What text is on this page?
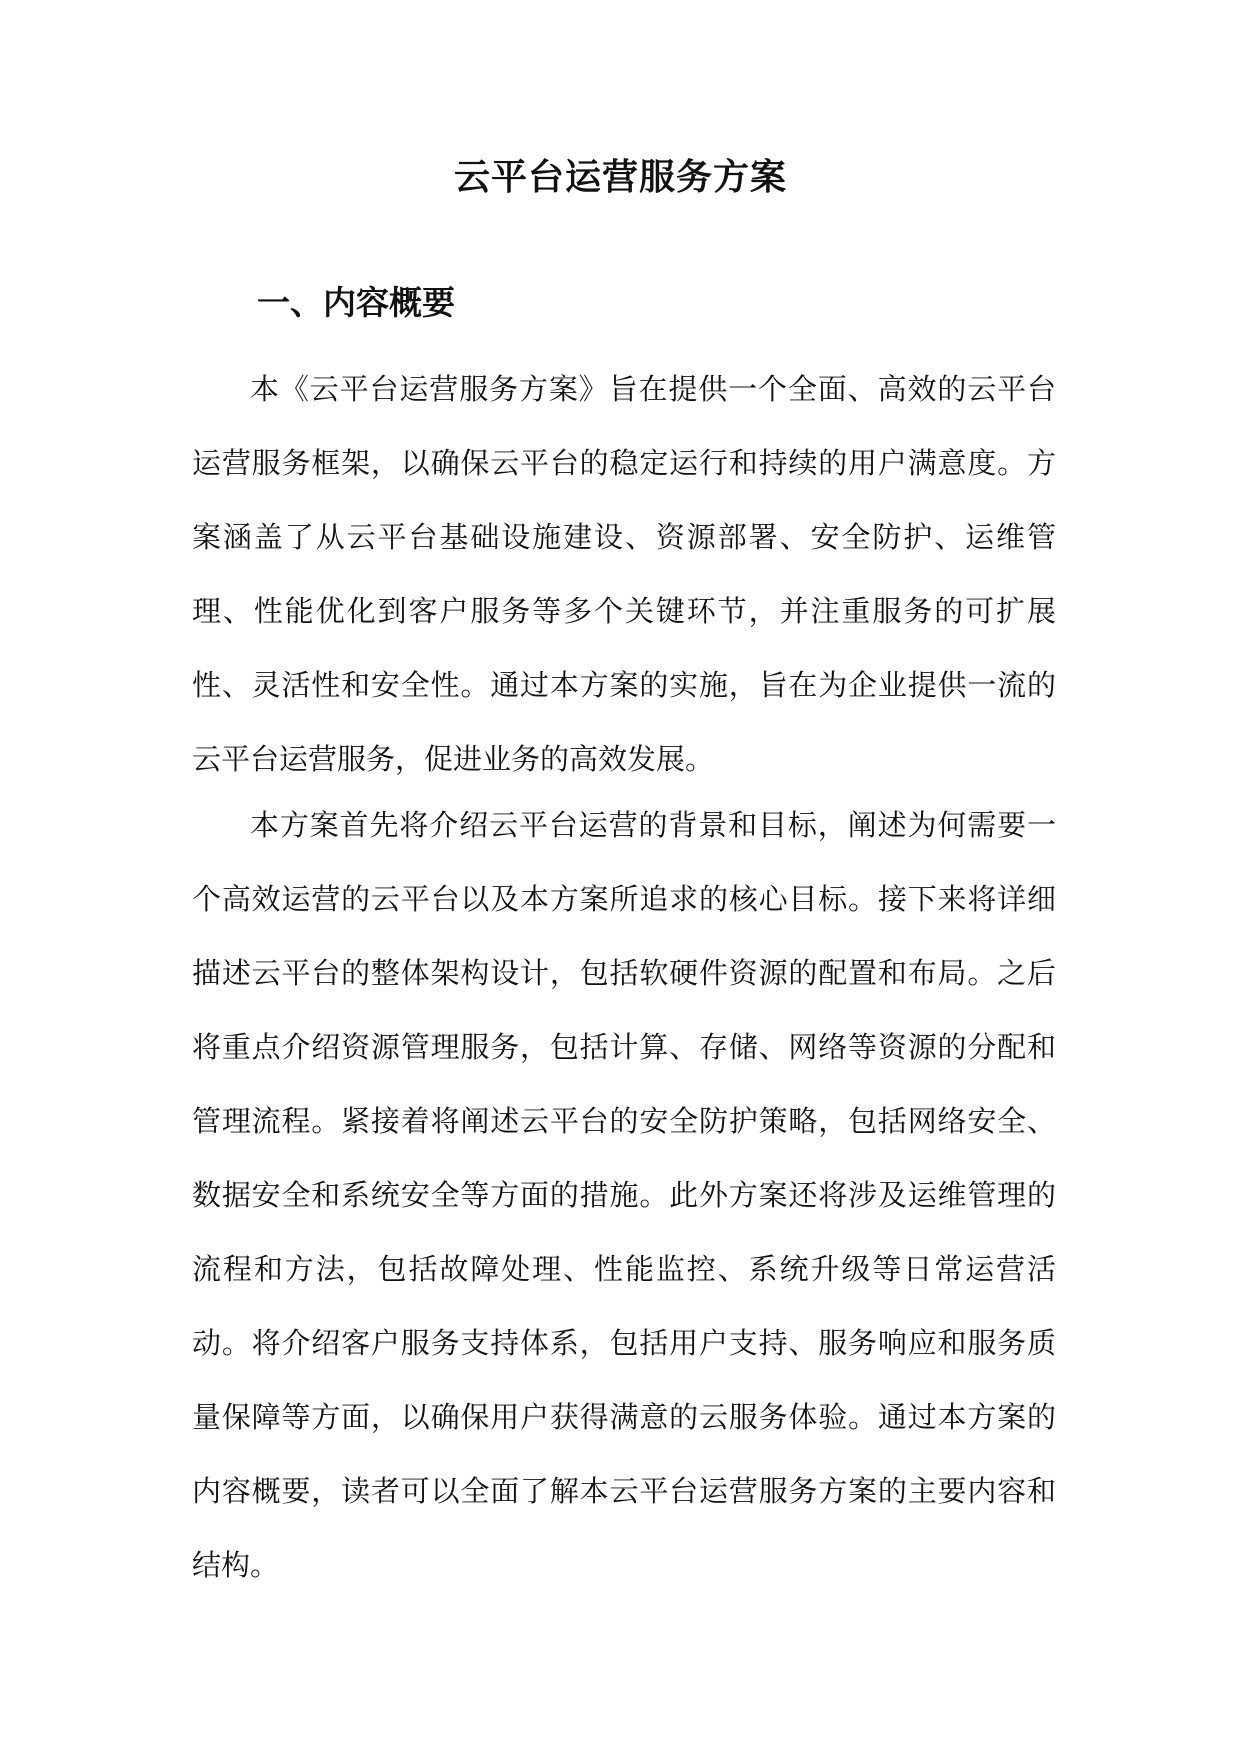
云平台运营服务方案
一、内容概要

本《云平台运营服务方案》旨在提供一个全面、高效的云平台运营服务框架，以确保云平台的稳定运行和持续的用户满意度。方案涵盖了从云平台基础设施建设、资源部署、安全防护、运维管理、性能优化到客户服务等多个关键环节，并注重服务的可扩展性、灵活性和安全性。通过本方案的实施，旨在为企业提供一流的云平台运营服务，促进业务的高效发展。

本方案首先将介绍云平台运营的背景和目标，阐述为何需要一个高效运营的云平台以及本方案所追求的核心目标。接下来将详细描述云平台的整体架构设计，包括软硬件资源的配置和布局。之后将重点介绍资源管理服务，包括计算、存储、网络等资源的分配和管理流程。紧接着将阐述云平台的安全防护策略，包括网络安全、数据安全和系统安全等方面的措施。此外方案还将涉及运维管理的流程和方法，包括故障处理、性能监控、系统升级等日常运营活动。将介绍客户服务支持体系，包括用户支持、服务响应和服务质量保障等方面，以确保用户获得满意的云服务体验。通过本方案的内容概要，读者可以全面了解本云平台运营服务方案的主要内容和结构。
